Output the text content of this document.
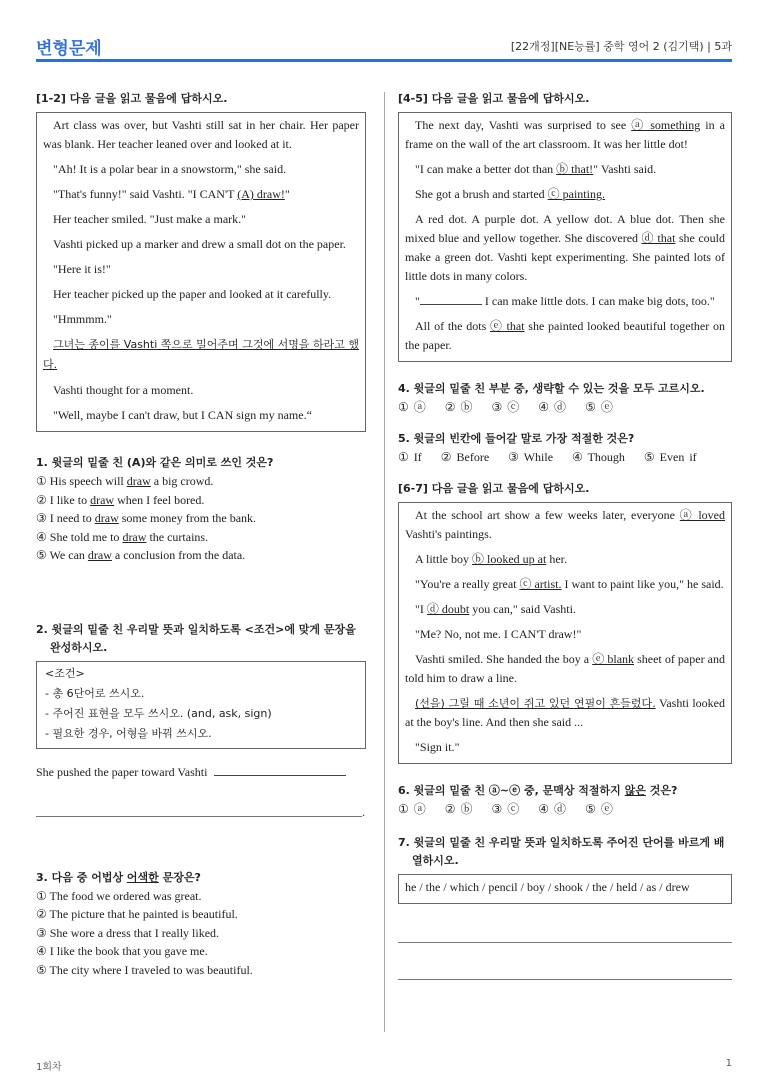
변형문제	[22개정][NE능률] 중학 영어 2 (김기택) | 5과
[1-2] 다음 글을 읽고 물음에 답하시오.

Art class was over, but Vashti still sat in her chair. Her paper was blank. Her teacher leaned over and looked at it.

"Ah! It is a polar bear in a snowstorm," she said.

"That's funny!" said Vashti. "I CAN'T (A) draw!"

Her teacher smiled. "Just make a mark."

Vashti picked up a marker and drew a small dot on the paper.

"Here it is!"

Her teacher picked up the paper and looked at it carefully.

"Hmmmm."

그녀는 종이를 Vashti 쪽으로 밀어주며 그것에 서명을 하라고 했다.

Vashti thought for a moment.

"Well, maybe I can't draw, but I CAN sign my name.“

1. 윗글의 밑줄 친 (A)와 같은 의미로 쓰인 것은?
① His speech will draw a big crowd.
② I like to draw when I feel bored.
③ I need to draw some money from the bank.
④ She told me to draw the curtains.
⑤ We can draw a conclusion from the data.
2. 윗글의 밑줄 친 우리말 뜻과 일치하도록 <조건>에 맞게 문장을
완성하시오.
<조건>
- 총 6단어로 쓰시오.
- 주어진 표현을 모두 쓰시오. (and, ask, sign)
- 필요한 경우, 어형을 바꿔 쓰시오.
She pushed the paper toward Vashti
.
3. 다음 중 어법상 어색한 문장은?
① The food we ordered was great.
② The picture that he painted is beautiful.
③ She wore a dress that I really liked.
④ I like the book that you gave me.
⑤ The city where I traveled to was beautiful.
[4-5] 다음 글을 읽고 물음에 답하시오.

The next day, Vashti was surprised to see ⓐ something in a frame on the wall of the art classroom. It was her little dot!

"I can make a better dot than ⓑ that!" Vashti said.

She got a brush and started ⓒ painting.

A red dot. A purple dot. A yellow dot. A blue dot. Then she mixed blue and yellow together. She discovered ⓓ that she could make a green dot. Vashti kept experimenting. She painted lots of little dots in many colors.

"	I can make little dots. I can make big dots, too."

All of the dots ⓔ that she painted looked beautiful together on the paper.

4. 윗글의 밑줄 친 부분 중, 생략할 수 있는 것을 모두 고르시오.
① ⓐ ② ⓑ ③ ⓒ ④ ⓓ ⑤ ⓔ
5. 윗글의 빈칸에 들어갈 말로 가장 적절한 것은?
① If ② Before ③ While ④ Though ⑤ Even if
[6-7] 다음 글을 읽고 물음에 답하시오.

At the school art show a few weeks later, everyone ⓐ loved Vashti's paintings.

A little boy ⓑ looked up at her.

"You're a really great ⓒ artist. I want to paint like you," he said.

"I ⓓ doubt you can," said Vashti.

"Me? No, not me. I CAN'T draw!"

Vashti smiled. She handed the boy a ⓔ blank sheet of paper and told him to draw a line.

(선을) 그릴 때 소년이 쥐고 있던 연필이 흔들렸다. Vashti looked at the boy's line. And then she said ...

"Sign it."

6. 윗글의 밑줄 친 ⓐ~ⓔ 중, 문맥상 적절하지 않은 것은?
① ⓐ ② ⓑ ③ ⓒ ④ ⓓ ⑤ ⓔ
7. 윗글의 밑줄 친 우리말 뜻과 일치하도록 주어진 단어를 바르게 배
열하시오.

he / the / which / pencil / boy / shook / the / held / as / drew

1회차	1
